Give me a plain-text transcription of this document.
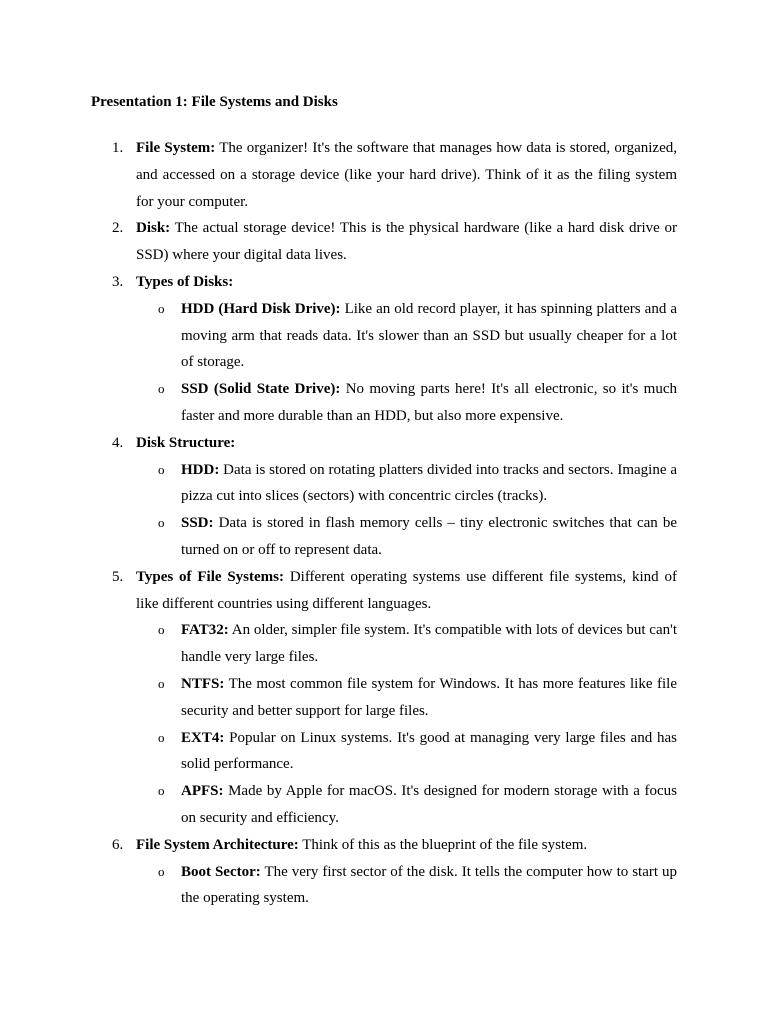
Presentation 1: File Systems and Disks
1. File System: The organizer! It's the software that manages how data is stored, organized, and accessed on a storage device (like your hard drive). Think of it as the filing system for your computer.
2. Disk: The actual storage device! This is the physical hardware (like a hard disk drive or SSD) where your digital data lives.
3. Types of Disks:
o HDD (Hard Disk Drive): Like an old record player, it has spinning platters and a moving arm that reads data. It's slower than an SSD but usually cheaper for a lot of storage.
o SSD (Solid State Drive): No moving parts here! It's all electronic, so it's much faster and more durable than an HDD, but also more expensive.
4. Disk Structure:
o HDD: Data is stored on rotating platters divided into tracks and sectors. Imagine a pizza cut into slices (sectors) with concentric circles (tracks).
o SSD: Data is stored in flash memory cells – tiny electronic switches that can be turned on or off to represent data.
5. Types of File Systems: Different operating systems use different file systems, kind of like different countries using different languages.
o FAT32: An older, simpler file system. It's compatible with lots of devices but can't handle very large files.
o NTFS: The most common file system for Windows. It has more features like file security and better support for large files.
o EXT4: Popular on Linux systems. It's good at managing very large files and has solid performance.
o APFS: Made by Apple for macOS. It's designed for modern storage with a focus on security and efficiency.
6. File System Architecture: Think of this as the blueprint of the file system.
o Boot Sector: The very first sector of the disk. It tells the computer how to start up the operating system.
